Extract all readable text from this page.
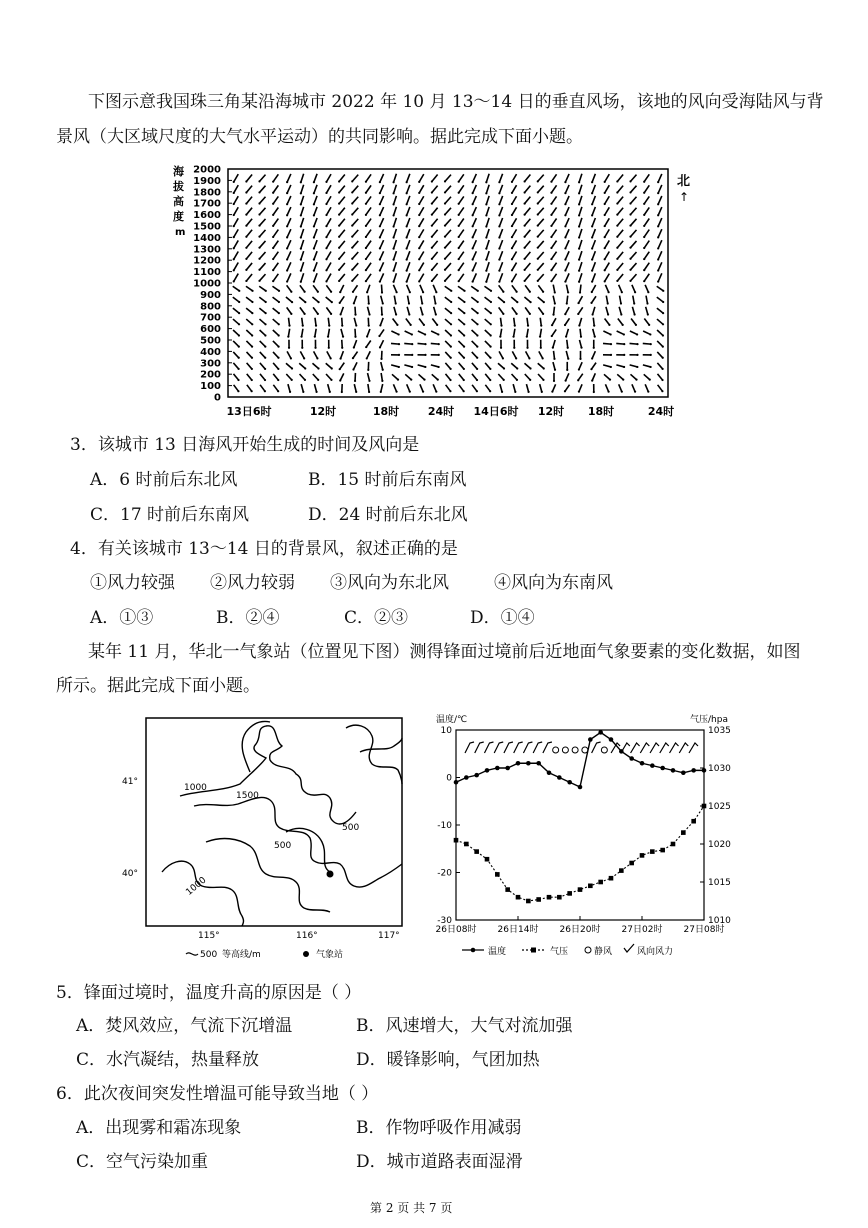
下图示意我国珠三角某沿海城市 2022 年 10 月 13～14 日的垂直风场，该地的风向受海陆风与背
景风（大区域尺度的大气水平运动）的共同影响。据此完成下面小题。
海
拔
高
度
m
2000
1900
1800
1700
1600
1500
1400
1300
1200
1100
1000
900
800
700
600
500
400
300
200
100
0
13日6时	12时	18时	24时 14日6时 12时 18时	24时
北
↑
3．该城市 13 日海风开始生成的时间及风向是
A．6 时前后东北风	B．15 时前后东南风
C．17 时前后东南风	D．24 时前后东北风
4．有关该城市 13～14 日的背景风，叙述正确的是
①风力较强 ②风力较弱 ③风向为东北风	④风向为东南风
A．①③	B．②④	C．②③	D．①④
某年 11 月，华北一气象站（位置见下图）测得锋面过境前后近地面气象要素的变化数据，如图
所示。据此完成下面小题。
1000
1500
500
500
1000
41°
40°
115°	116°	117°
500 等高线/m	气象站
温度/℃	气压/hpa
10
0
-10
-20
-30
1035
1030
1025
1020
1015
1010
26日08时 26日14时 26日20时 27日02时 27日08时
温度	气压	静风	风向风力
5．锋面过境时，温度升高的原因是（ ）
A．焚风效应，气流下沉增温	B．风速增大，大气对流加强
C．水汽凝结，热量释放	D．暖锋影响，气团加热
6．此次夜间突发性增温可能导致当地（ ）
A．出现雾和霜冻现象	B．作物呼吸作用减弱
C．空气污染加重	D．城市道路表面湿滑
第 2 页 共 7 页
